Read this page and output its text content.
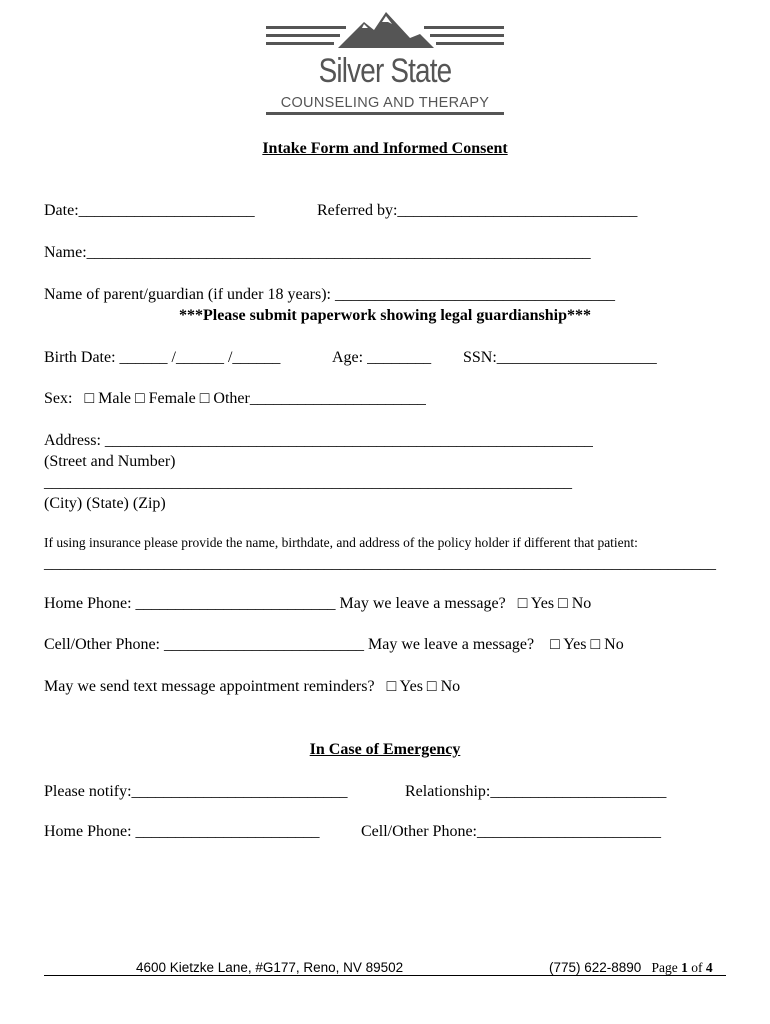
Silver State
COUNSELING AND THERAPY
Intake Form and Informed Consent
Date:______________________	Referred by:______________________________
Name:_______________________________________________________________
Name of parent/guardian (if under 18 years): ___________________________________
***Please submit paperwork showing legal guardianship***
Birth Date: ______ /______ /______	Age: ________ SSN:____________________
Sex:   □ Male □ Female □ Other______________________
Address: _____________________________________________________________
(Street and Number)
__________________________________________________________________
(City) (State) (Zip)
If using insurance please provide the name, birthdate, and address of the policy holder if different that patient:
____________________________________________________________________________________
Home Phone: _________________________ May we leave a message?   □ Yes □ No
Cell/Other Phone: _________________________ May we leave a message?    □ Yes □ No
May we send text message appointment reminders?   □ Yes □ No
In Case of Emergency
Please notify:___________________________	Relationship:______________________
Home Phone: _______________________	Cell/Other Phone:_______________________
4600 Kietzke Lane, #G177, Reno, NV 89502	(775) 622-8890 Page 1 of 4
